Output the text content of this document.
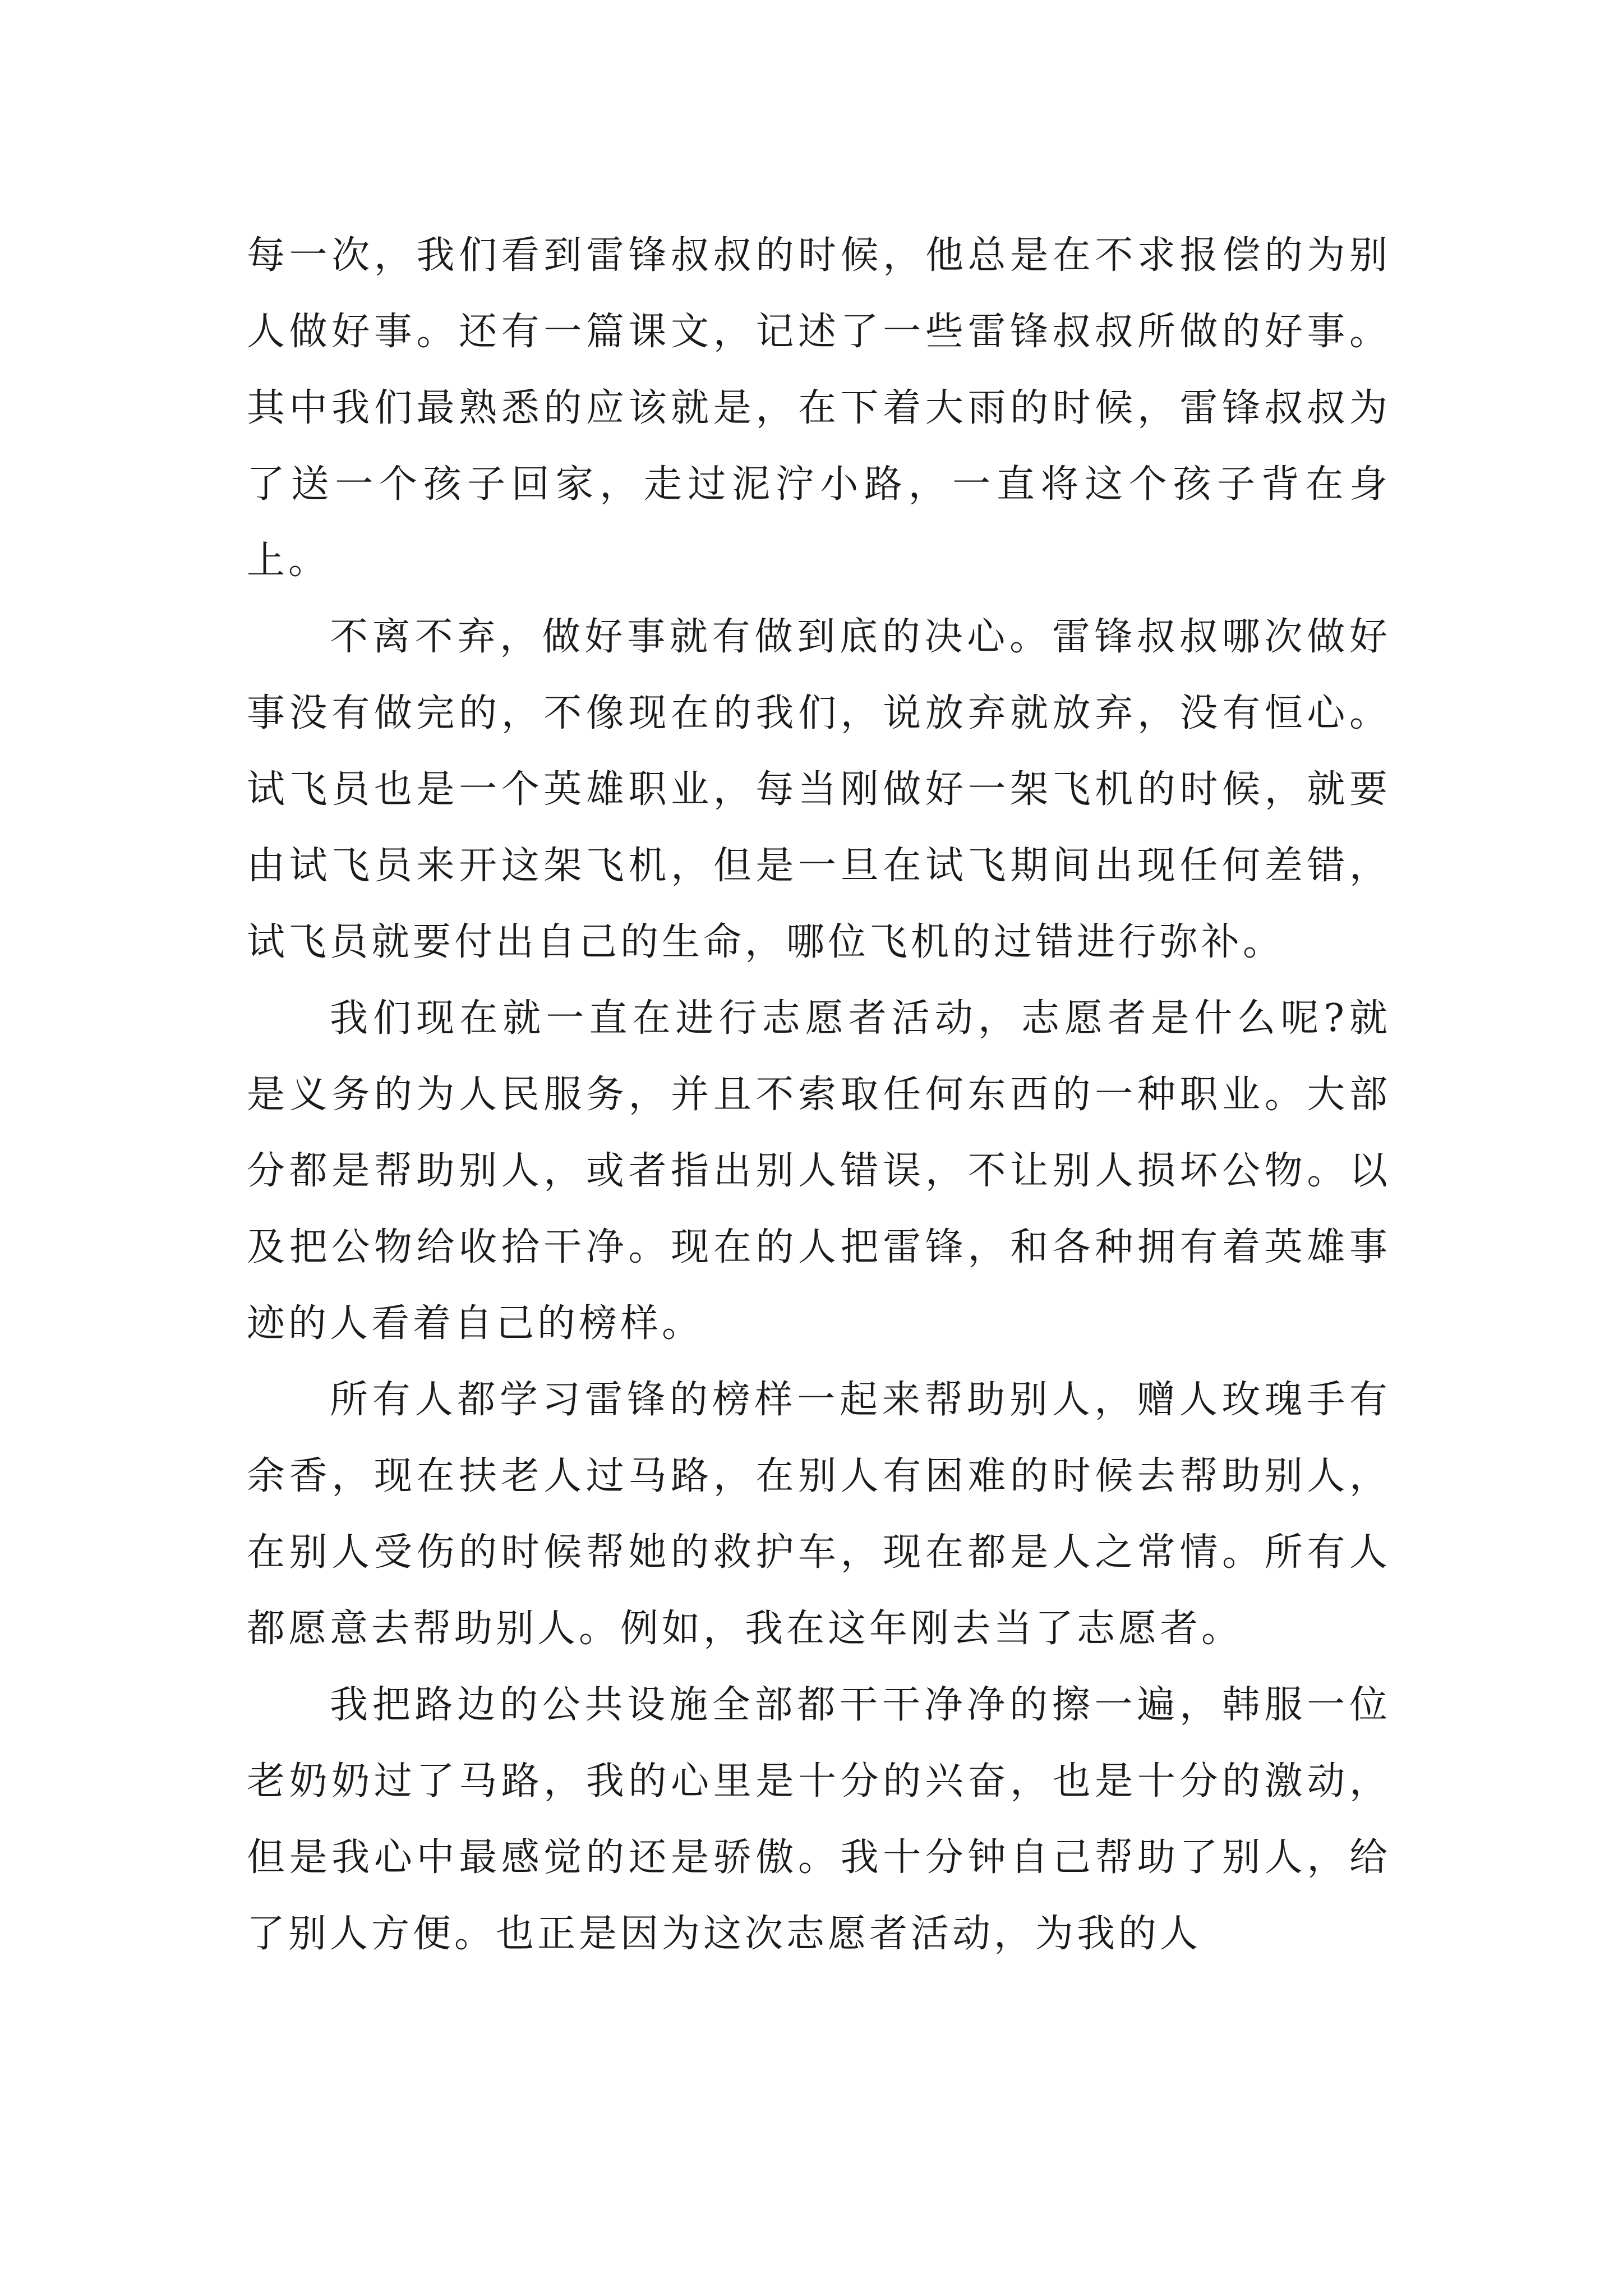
每一次，我们看到雷锋叔叔的时候，他总是在不求报偿的为别人做好事。还有一篇课文，记述了一些雷锋叔叔所做的好事。其中我们最熟悉的应该就是，在下着大雨的时候，雷锋叔叔为了送一个孩子回家，走过泥泞小路，一直将这个孩子背在身上。

不离不弃，做好事就有做到底的决心。雷锋叔叔哪次做好事没有做完的，不像现在的我们，说放弃就放弃，没有恒心。试飞员也是一个英雄职业，每当刚做好一架飞机的时候，就要由试飞员来开这架飞机，但是一旦在试飞期间出现任何差错，试飞员就要付出自己的生命，哪位飞机的过错进行弥补。

我们现在就一直在进行志愿者活动，志愿者是什么呢?就是义务的为人民服务，并且不索取任何东西的一种职业。大部分都是帮助别人，或者指出别人错误，不让别人损坏公物。以及把公物给收拾干净。现在的人把雷锋，和各种拥有着英雄事迹的人看着自己的榜样。

所有人都学习雷锋的榜样一起来帮助别人，赠人玫瑰手有余香，现在扶老人过马路，在别人有困难的时候去帮助别人，在别人受伤的时候帮她的救护车，现在都是人之常情。所有人都愿意去帮助别人。例如，我在这年刚去当了志愿者。

我把路边的公共设施全部都干干净净的擦一遍，韩服一位老奶奶过了马路，我的心里是十分的兴奋，也是十分的激动，但是我心中最感觉的还是骄傲。我十分钟自己帮助了别人，给了别人方便。也正是因为这次志愿者活动，为我的人
